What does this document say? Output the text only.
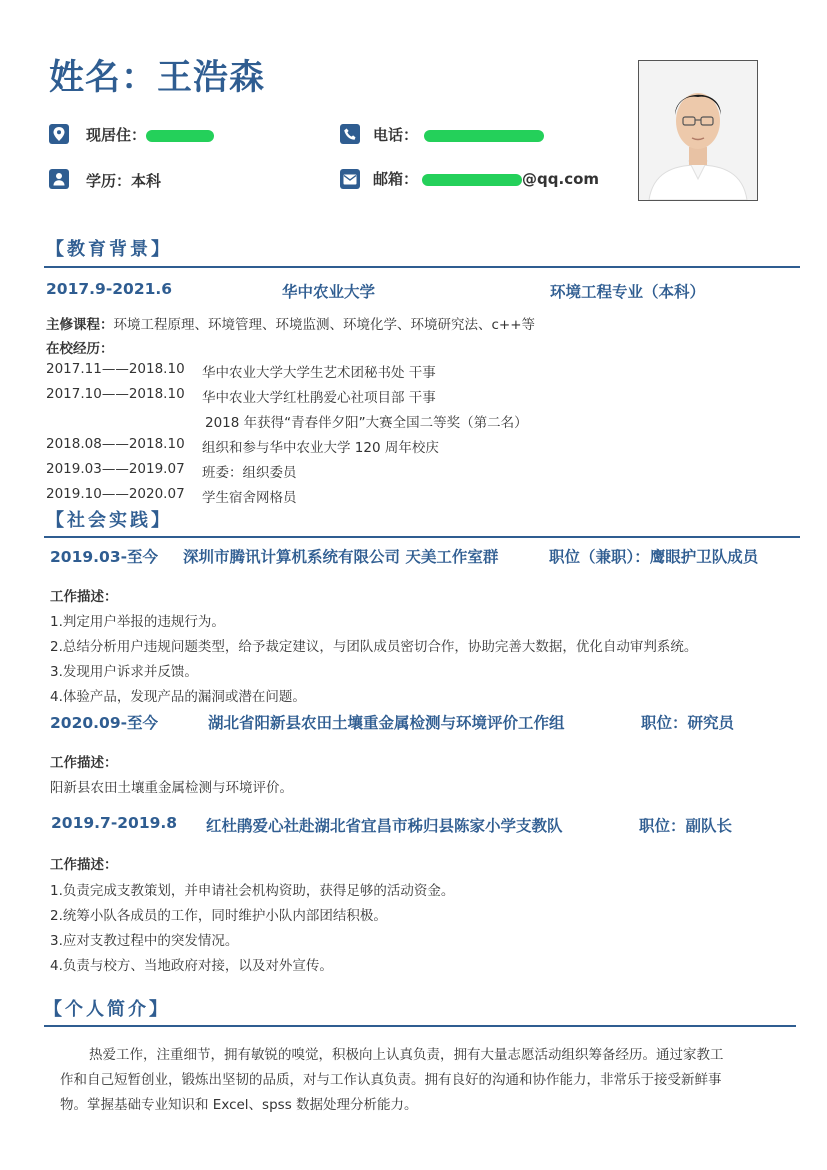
姓名：王浩森
现居住：	电话：
学历：本科	邮箱：	@qq.com
【教育背景】
2017.9-2021.6	华中农业大学	环境工程专业（本科）
主修课程：环境工程原理、环境管理、环境监测、环境化学、环境研究法、c++等
在校经历：
2017.11——2018.10 华中农业大学大学生艺术团秘书处 干事
2017.10——2018.10 华中农业大学红杜鹃爱心社项目部 干事
2018 年获得“青春伴夕阳”大赛全国二等奖（第二名）
2018.08——2018.10 组织和参与华中农业大学 120 周年校庆
2019.03——2019.07 班委：组织委员
2019.10——2020.07 学生宿舍网格员
【社会实践】
2019.03-至今 深圳市腾讯计算机系统有限公司 天美工作室群	职位（兼职）：鹰眼护卫队成员
工作描述：
1.判定用户举报的违规行为。
2.总结分析用户违规问题类型，给予裁定建议，与团队成员密切合作，协助完善大数据，优化自动审判系统。
3.发现用户诉求并反馈。
4.体验产品，发现产品的漏洞或潜在问题。
2020.09-至今	湖北省阳新县农田土壤重金属检测与环境评价工作组	职位：研究员
工作描述：
阳新县农田土壤重金属检测与环境评价。
2019.7-2019.8 红杜鹃爱心社赴湖北省宜昌市秭归县陈家小学支教队	职位：副队长
工作描述：
1.负责完成支教策划，并申请社会机构资助，获得足够的活动资金。
2.统筹小队各成员的工作，同时维护小队内部团结积极。
3.应对支教过程中的突发情况。
4.负责与校方、当地政府对接，以及对外宣传。
【个人简介】
热爱工作，注重细节，拥有敏锐的嗅觉，积极向上认真负责，拥有大量志愿活动组织筹备经历。通过家教工
作和自己短暂创业，锻炼出坚韧的品质，对与工作认真负责。拥有良好的沟通和协作能力，非常乐于接受新鲜事
物。掌握基础专业知识和 Excel、spss 数据处理分析能力。
